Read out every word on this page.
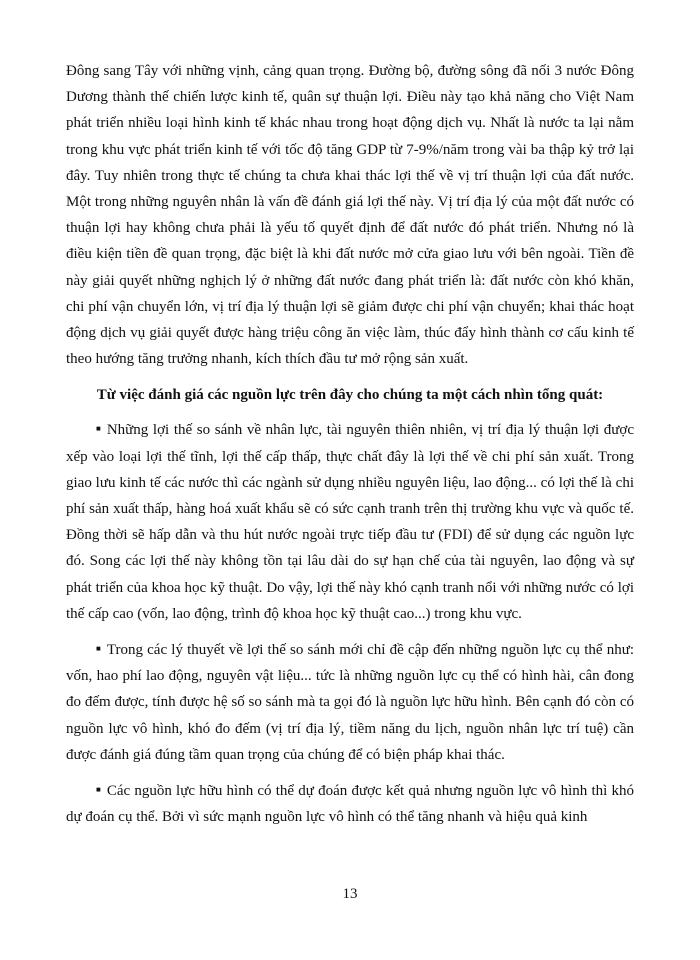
Đông sang Tây với những vịnh, cảng quan trọng. Đường bộ, đường sông đã nối 3 nước Đông Dương thành thế chiến lược kinh tế, quân sự thuận lợi. Điều này tạo khả năng cho Việt Nam phát triển nhiều loại hình kinh tế khác nhau trong hoạt động dịch vụ. Nhất là nước ta lại nằm trong khu vực phát triển kinh tế với tốc độ tăng GDP từ 7-9%/năm trong vài ba thập kỷ trở lại đây. Tuy nhiên trong thực tế chúng ta chưa khai thác lợi thế về vị trí thuận lợi của đất nước. Một trong những nguyên nhân là vấn đề đánh giá lợi thế này. Vị trí địa lý của một đất nước có thuận lợi hay không chưa phải là yếu tố quyết định để đất nước đó phát triển. Nhưng nó là điều kiện tiền đề quan trọng, đặc biệt là khi đất nước mở cửa giao lưu với bên ngoài. Tiền đề này giải quyết những nghịch lý ở những đất nước đang phát triển là: đất nước còn khó khăn, chi phí vận chuyển lớn, vị trí địa lý thuận lợi sẽ giảm được chi phí vận chuyển; khai thác hoạt động dịch vụ giải quyết được hàng triệu công ăn việc làm, thúc đẩy hình thành cơ cấu kinh tế theo hướng tăng trưởng nhanh, kích thích đầu tư mở rộng sản xuất.

Từ việc đánh giá các nguồn lực trên đây cho chúng ta một cách nhìn tổng quát:

■ Những lợi thế so sánh về nhân lực, tài nguyên thiên nhiên, vị trí địa lý thuận lợi được xếp vào loại lợi thế tĩnh, lợi thế cấp thấp, thực chất đây là lợi thế về chi phí sản xuất. Trong giao lưu kinh tế các nước thì các ngành sử dụng nhiều nguyên liệu, lao động... có lợi thế là chi phí sản xuất thấp, hàng hoá xuất khẩu sẽ có sức cạnh tranh trên thị trường khu vực và quốc tế. Đồng thời sẽ hấp dẫn và thu hút nước ngoài trực tiếp đầu tư (FDI) để sử dụng các nguồn lực đó. Song các lợi thế này không tồn tại lâu dài do sự hạn chế của tài nguyên, lao động và sự phát triển của khoa học kỹ thuật. Do vậy, lợi thế này khó cạnh tranh nổi với những nước có lợi thế cấp cao (vốn, lao động, trình độ khoa học kỹ thuật cao...) trong khu vực.

■ Trong các lý thuyết về lợi thế so sánh mới chỉ đề cập đến những nguồn lực cụ thể như: vốn, hao phí lao động, nguyên vật liệu... tức là những nguồn lực cụ thể có hình hài, cân đong đo đếm được, tính được hệ số so sánh mà ta gọi đó là nguồn lực hữu hình. Bên cạnh đó còn có nguồn lực vô hình, khó đo đếm (vị trí địa lý, tiềm năng du lịch, nguồn nhân lực trí tuệ) cần được đánh giá đúng tầm quan trọng của chúng để có biện pháp khai thác.

■ Các nguồn lực hữu hình có thể dự đoán được kết quả nhưng nguồn lực vô hình thì khó dự đoán cụ thể. Bởi vì sức mạnh nguồn lực vô hình có thể tăng nhanh và hiệu quả kinh

13
